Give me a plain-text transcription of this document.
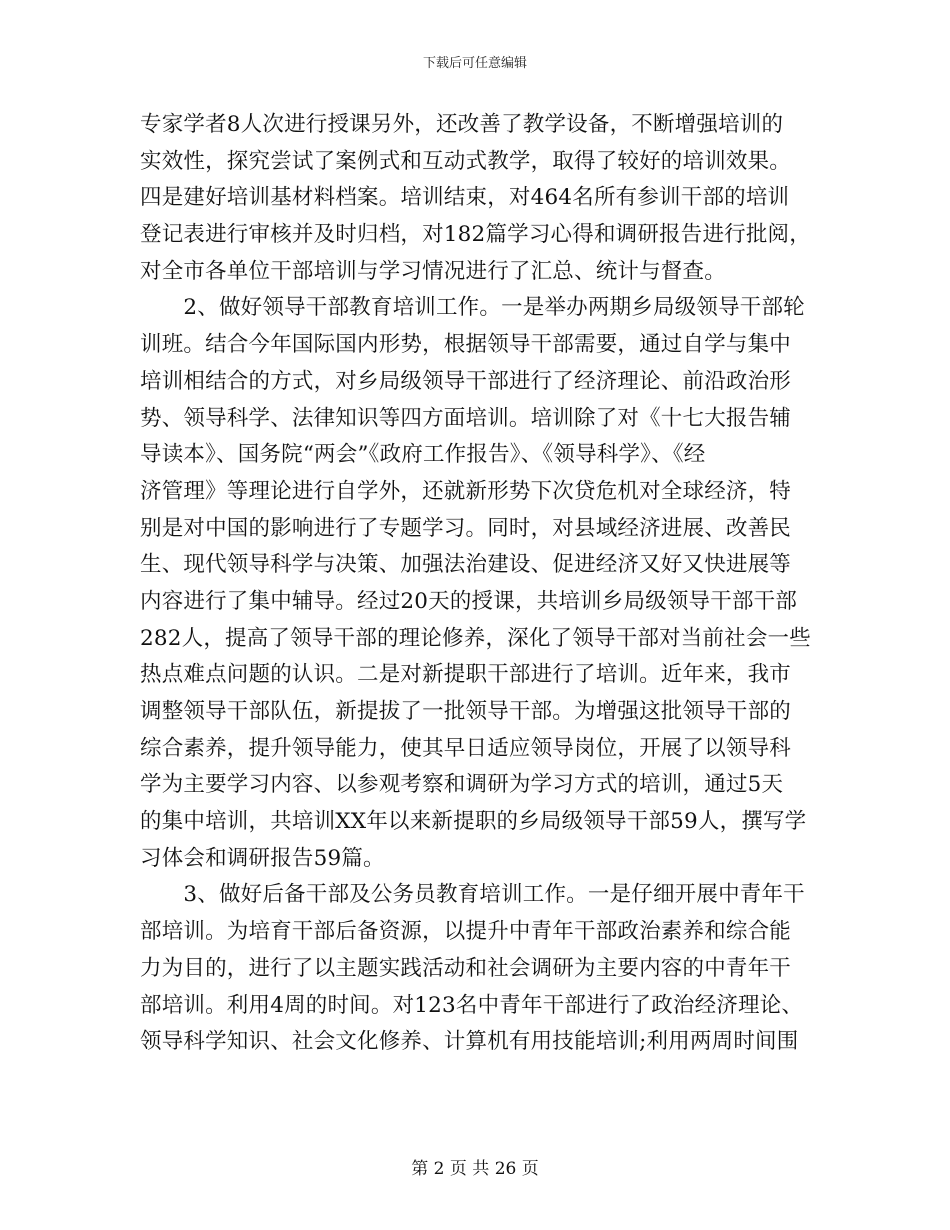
下载后可任意编辑
专家学者8人次进行授课另外，还改善了教学设备，不断增强培训的
实效性，探究尝试了案例式和互动式教学，取得了较好的培训效果。
四是建好培训基材料档案。培训结束，对464名所有参训干部的培训
登记表进行审核并及时归档，对182篇学习心得和调研报告进行批阅，
对全市各单位干部培训与学习情况进行了汇总、统计与督查。
　　2、做好领导干部教育培训工作。一是举办两期乡局级领导干部轮
训班。结合今年国际国内形势，根据领导干部需要，通过自学与集中
培训相结合的方式，对乡局级领导干部进行了经济理论、前沿政治形
势、领导科学、法律知识等四方面培训。培训除了对《十七大报告辅
导读本》、国务院“两会”《政府工作报告》、《领导科学》、《经
济管理》等理论进行自学外，还就新形势下次贷危机对全球经济，特
别是对中国的影响进行了专题学习。同时，对县域经济进展、改善民
生、现代领导科学与决策、加强法治建设、促进经济又好又快进展等
内容进行了集中辅导。经过20天的授课，共培训乡局级领导干部干部
282人，提高了领导干部的理论修养，深化了领导干部对当前社会一些
热点难点问题的认识。二是对新提职干部进行了培训。近年来，我市
调整领导干部队伍，新提拔了一批领导干部。为增强这批领导干部的
综合素养，提升领导能力，使其早日适应领导岗位，开展了以领导科
学为主要学习内容、以参观考察和调研为学习方式的培训，通过5天
的集中培训，共培训XX年以来新提职的乡局级领导干部59人，撰写学
习体会和调研报告59篇。
　　3、做好后备干部及公务员教育培训工作。一是仔细开展中青年干
部培训。为培育干部后备资源，以提升中青年干部政治素养和综合能
力为目的，进行了以主题实践活动和社会调研为主要内容的中青年干
部培训。利用4周的时间。对123名中青年干部进行了政治经济理论、
领导科学知识、社会文化修养、计算机有用技能培训;利用两周时间围
第 2 页 共 26 页
